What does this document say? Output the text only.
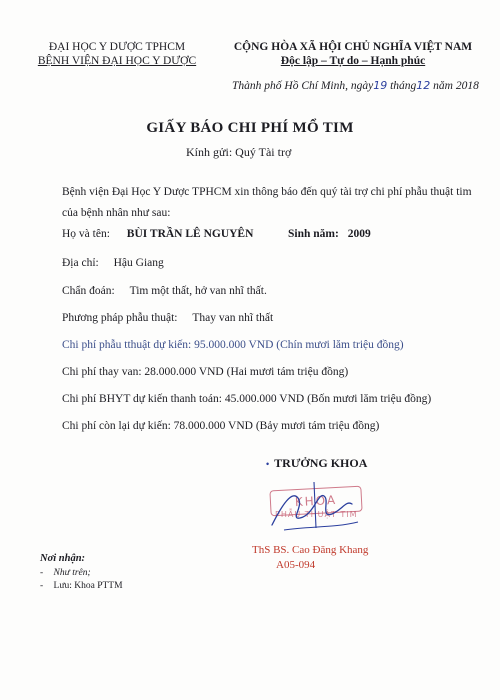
ĐẠI HỌC Y DƯỢC TPHCM
BỆNH VIỆN ĐẠI HỌC Y DƯỢC
CỘNG HÒA XÃ HỘI CHỦ NGHĨA VIỆT NAM
Độc lập – Tự do – Hạnh phúc
Thành phố Hồ Chí Minh, ngày19 tháng12 năm 2018
GIẤY BÁO CHI PHÍ MỔ TIM
Kính gửi: Quý Tài trợ
Bệnh viện Đại Học Y Dược TPHCM xin thông báo đến quý tài trợ chi phí phẫu thuật tim của bệnh nhân như sau:
Họ và tên: BÙI TRẦN LÊ NGUYÊN	Sinh năm: 2009
Địa chỉ: Hậu Giang
Chẩn đoán: Tim một thất, hở van nhĩ thất.
Phương pháp phẫu thuật: Thay van nhĩ thất
Chi phí phẫu tthuật dự kiến: 95.000.000 VND (Chín mươi lăm triệu đồng)
Chi phí thay van: 28.000.000 VND (Hai mươi tám triệu đồng)
Chi phí BHYT dự kiến thanh toán: 45.000.000 VND (Bốn mươi lăm triệu đồng)
Chi phí còn lại dự kiến: 78.000.000 VND (Bảy mươi tám triệu đồng)
• TRƯỞNG KHOA
KHOA
PHẪU THUẬT TIM
ThS BS. Cao Đăng Khang
A05-094
Nơi nhận:
- Như trên;
- Lưu: Khoa PTTM
